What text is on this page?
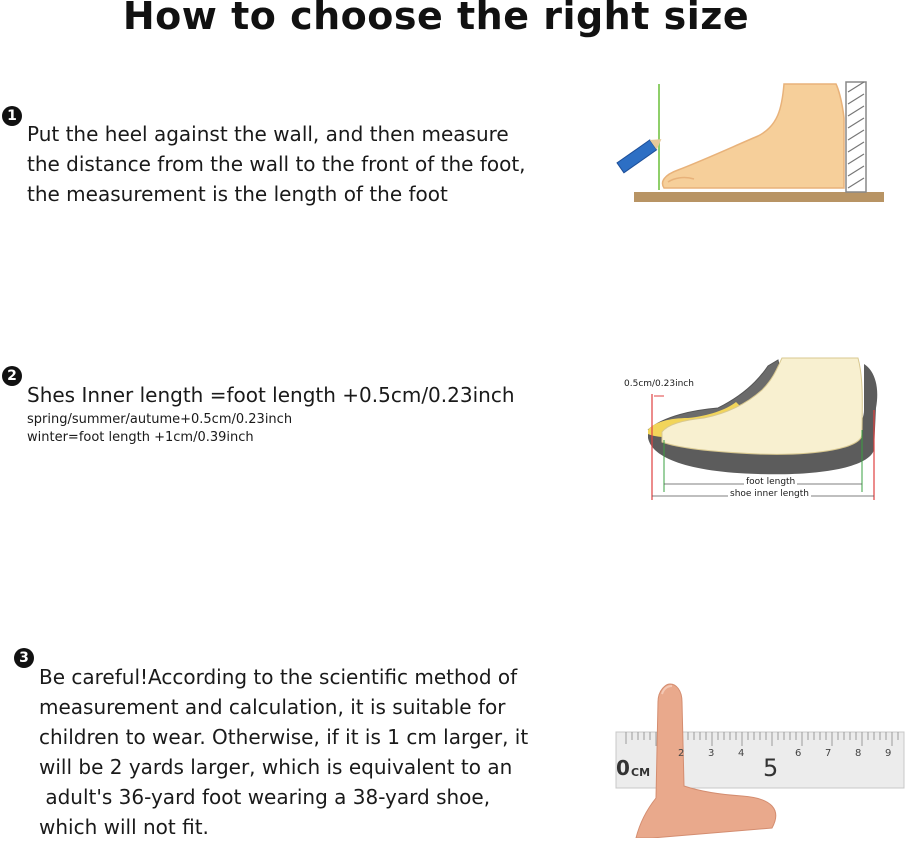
How to choose the right size
1
Put the heel against the wall, and then measure
the distance from the wall to the front of the foot,
the measurement is the length of the foot
2
Shes Inner length =foot length +0.5cm/0.23inch
spring/summer/autume+0.5cm/0.23inch
winter=foot length +1cm/0.39inch
0.5cm/0.23inch
foot length
shoe inner length
3
Be careful!According to the scientific method of
measurement and calculation, it is suitable for
children to wear. Otherwise, if it is 1 cm larger, it
will be 2 yards larger, which is equivalent to an
adult's 36-yard foot wearing a 38-yard shoe,
which will not fit.
0 CM	5
2 3 4	6 7 8 9
